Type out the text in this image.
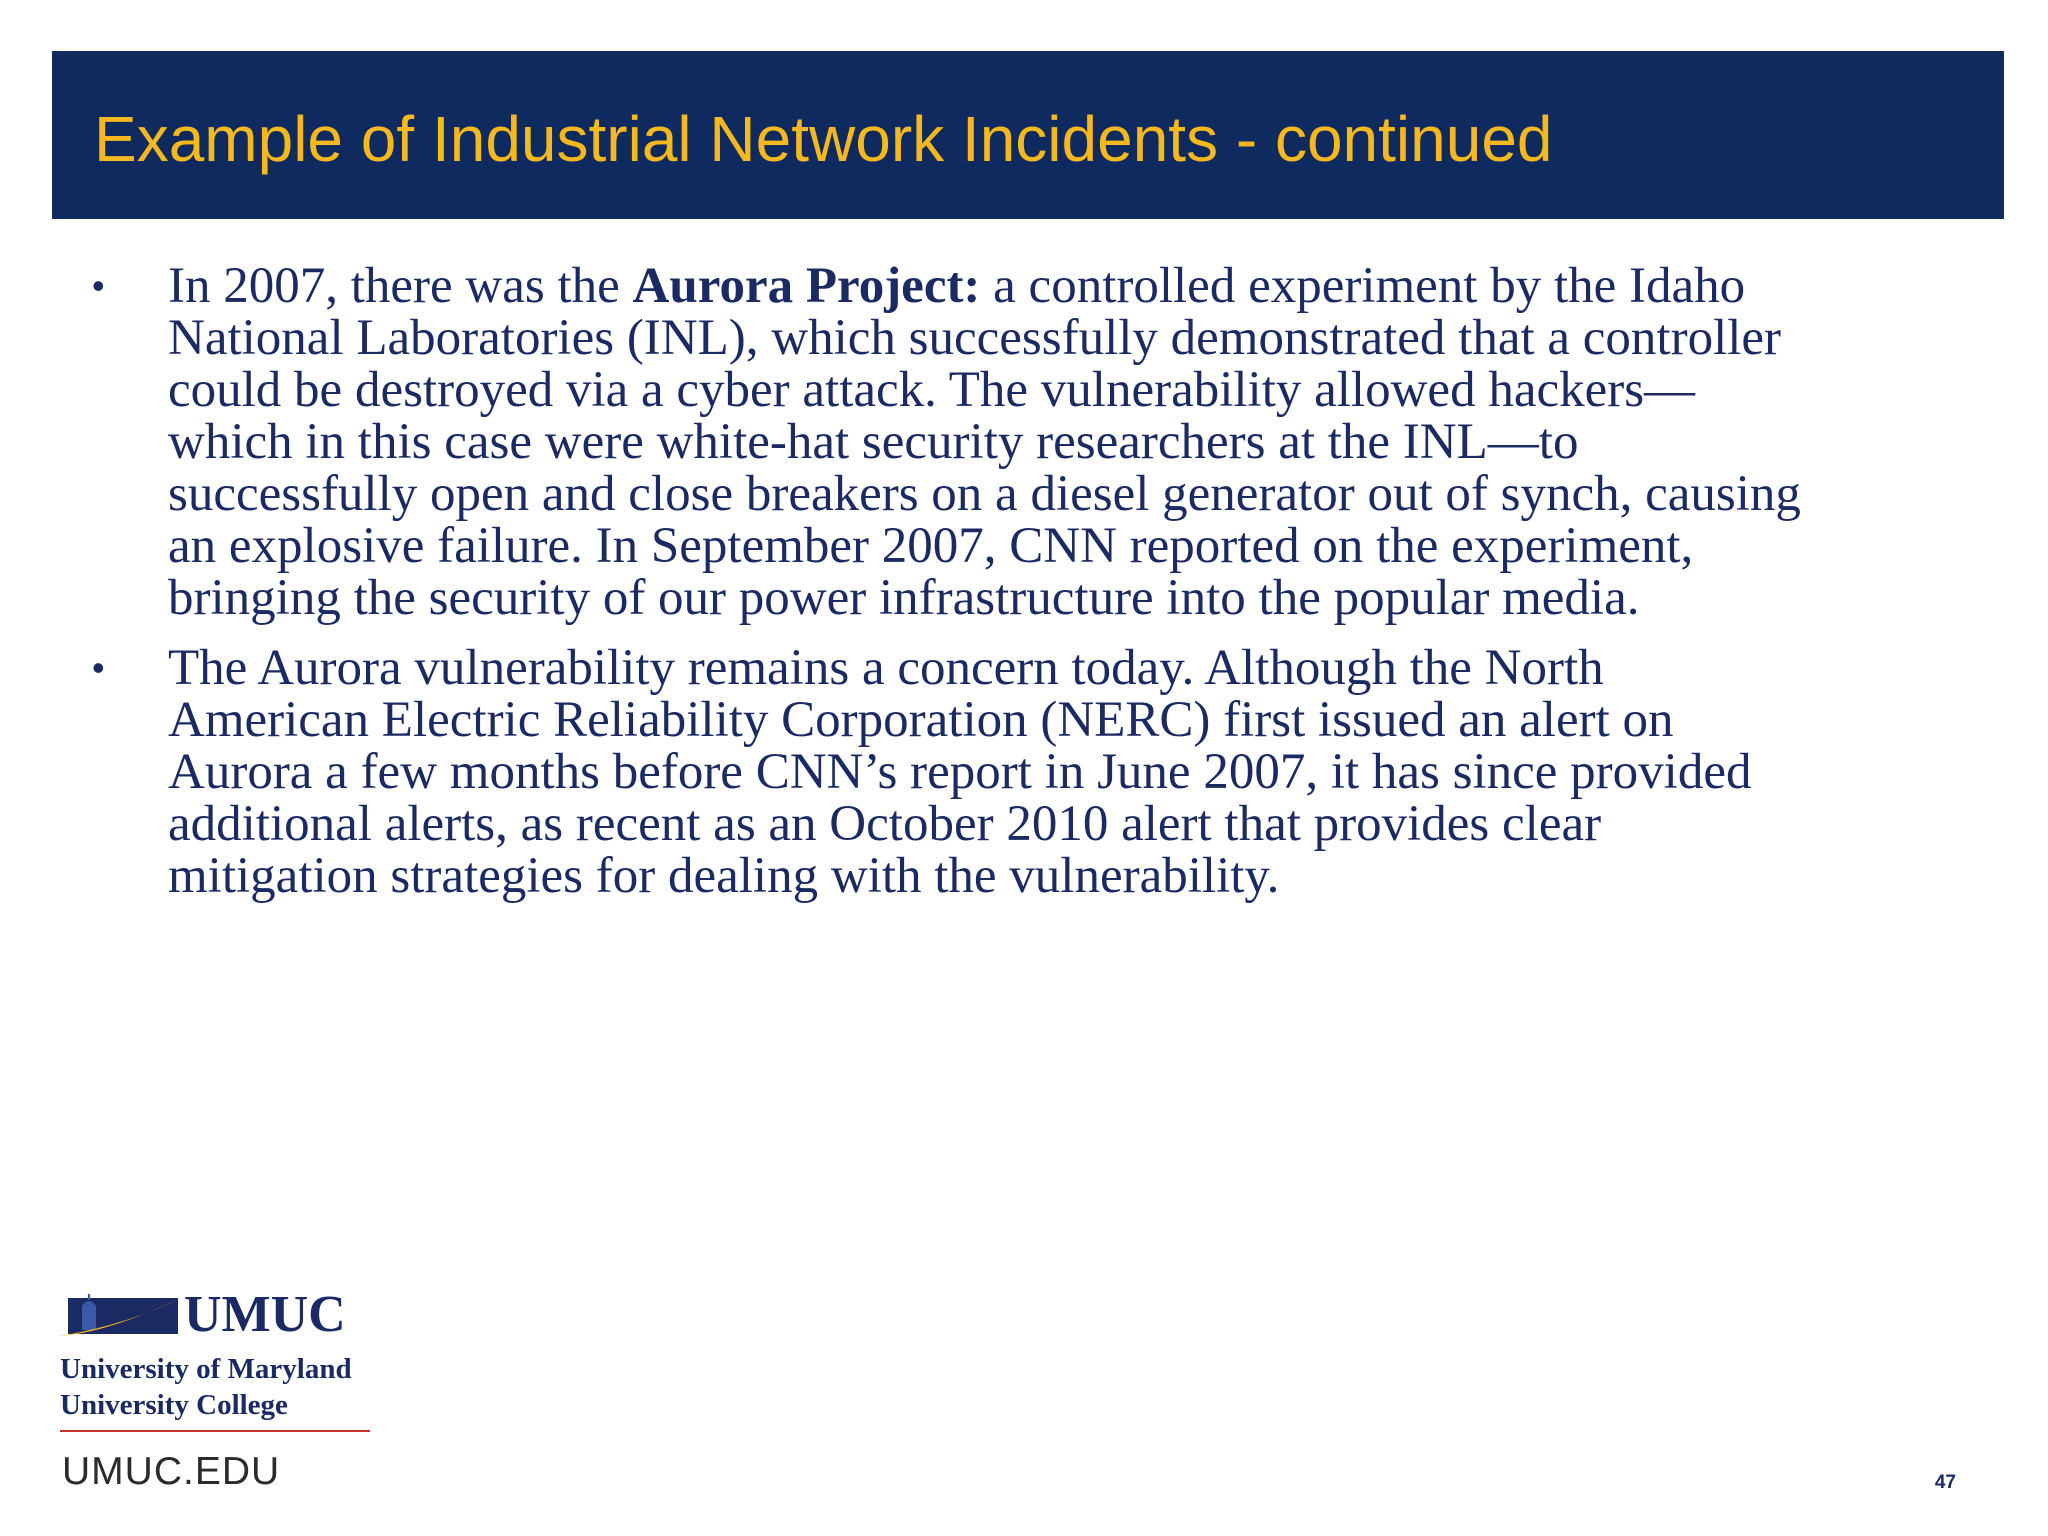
Example of Industrial Network Incidents - continued
•	In 2007, there was the Aurora Project: a controlled experiment by the Idaho National Laboratories (INL), which successfully demonstrated that a controller could be destroyed via a cyber attack. The vulnerability allowed hackers—which in this case were white-hat security researchers at the INL—to successfully open and close breakers on a diesel generator out of synch, causing an explosive failure. In September 2007, CNN reported on the experiment, bringing the security of our power infrastructure into the popular media.
•	The Aurora vulnerability remains a concern today. Although the North American Electric Reliability Corporation (NERC) first issued an alert on Aurora a few months before CNN’s report in June 2007, it has since provided additional alerts, as recent as an October 2010 alert that provides clear mitigation strategies for dealing with the vulnerability.
UMUC
University of Maryland
University College
UMUC.EDU	47
